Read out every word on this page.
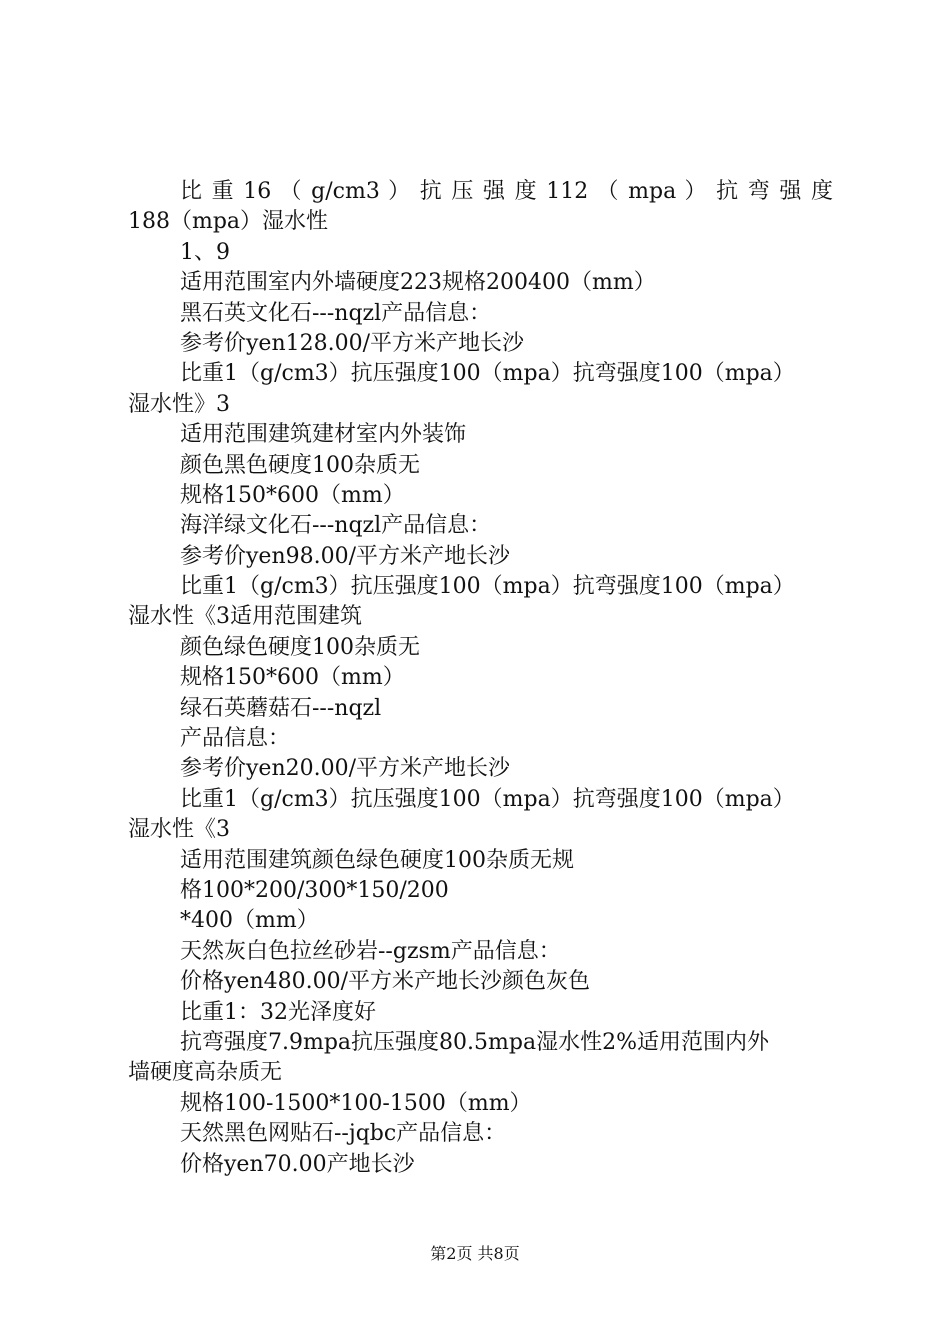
比 重 16 （ g/cm3 ） 抗 压 强 度 112 （ mpa ） 抗 弯 强 度
188（mpa）湿水性
1、9
适用范围室内外墙硬度223规格200400（mm）
黑石英文化石---nqzl产品信息：
参考价yen128.00/平方米产地长沙
比重1（g/cm3）抗压强度100（mpa）抗弯强度100（mpa）
湿水性》3
适用范围建筑建材室内外装饰
颜色黑色硬度100杂质无
规格150*600（mm）
海洋绿文化石---nqzl产品信息：
参考价yen98.00/平方米产地长沙
比重1（g/cm3）抗压强度100（mpa）抗弯强度100（mpa）
湿水性《3适用范围建筑
颜色绿色硬度100杂质无
规格150*600（mm）
绿石英蘑菇石---nqzl
产品信息：
参考价yen20.00/平方米产地长沙
比重1（g/cm3）抗压强度100（mpa）抗弯强度100（mpa）
湿水性《3
适用范围建筑颜色绿色硬度100杂质无规
格100*200/300*150/200
*400（mm）
天然灰白色拉丝砂岩--gzsm产品信息：
价格yen480.00/平方米产地长沙颜色灰色
比重1：32光泽度好
抗弯强度7.9mpa抗压强度80.5mpa湿水性2%适用范围内外
墙硬度高杂质无
规格100-1500*100-1500（mm）
天然黑色网贴石--jqbc产品信息：
价格yen70.00产地长沙
第2页 共8页
